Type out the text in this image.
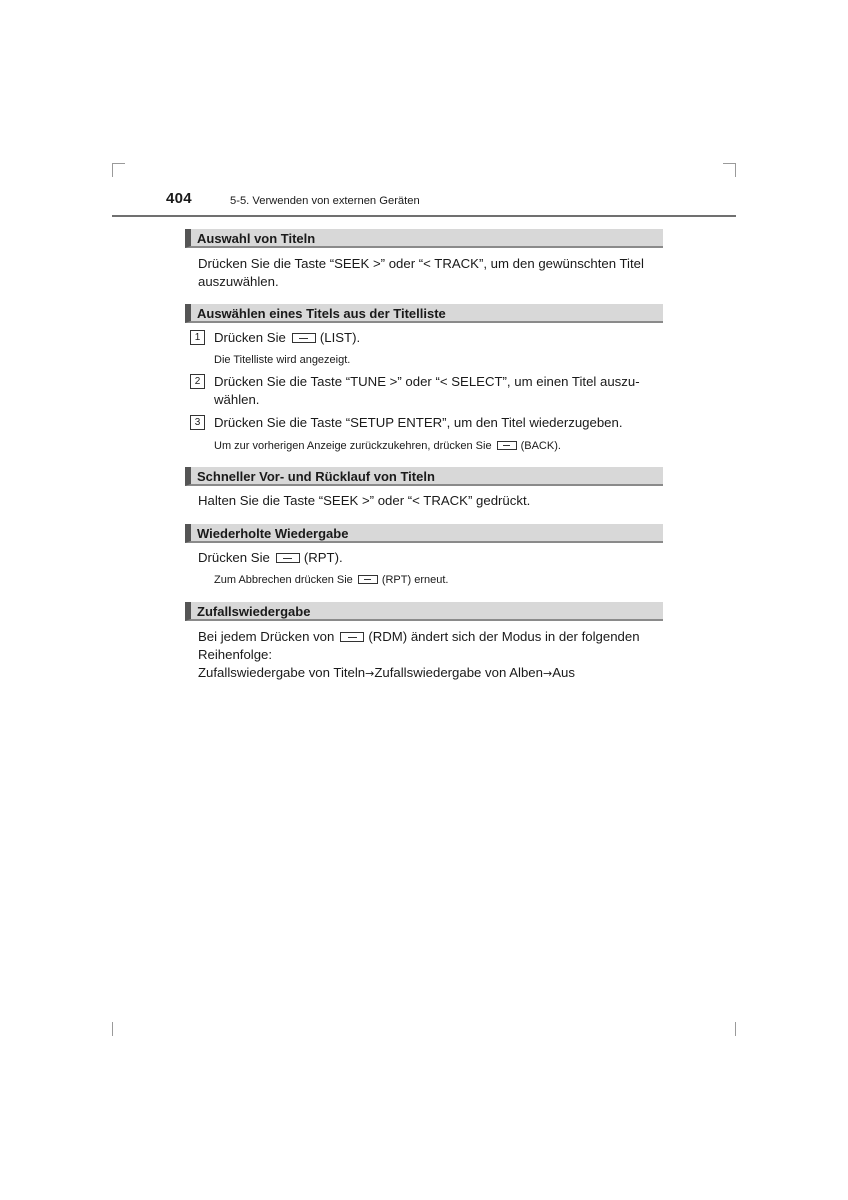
404	5-5. Verwenden von externen Geräten
Auswahl von Titeln
Drücken Sie die Taste “SEEK >” oder “< TRACK”, um den gewünschten Titel
auszuwählen.
Auswählen eines Titels aus der Titelliste
1	Drücken Sie	(LIST).
Die Titelliste wird angezeigt.
2	Drücken Sie die Taste “TUNE >” oder “< SELECT”, um einen Titel auszu-
wählen.
3	Drücken Sie die Taste “SETUP ENTER”, um den Titel wiederzugeben.
Um zur vorherigen Anzeige zurückzukehren, drücken Sie	(BACK).
Schneller Vor- und Rücklauf von Titeln
Halten Sie die Taste “SEEK >” oder “< TRACK” gedrückt.
Wiederholte Wiedergabe
Drücken Sie	(RPT).
Zum Abbrechen drücken Sie	(RPT) erneut.
Zufallswiedergabe
Bei jedem Drücken von	(RDM) ändert sich der Modus in der folgenden
Reihenfolge:
Zufallswiedergabe von Titeln→Zufallswiedergabe von Alben→Aus
